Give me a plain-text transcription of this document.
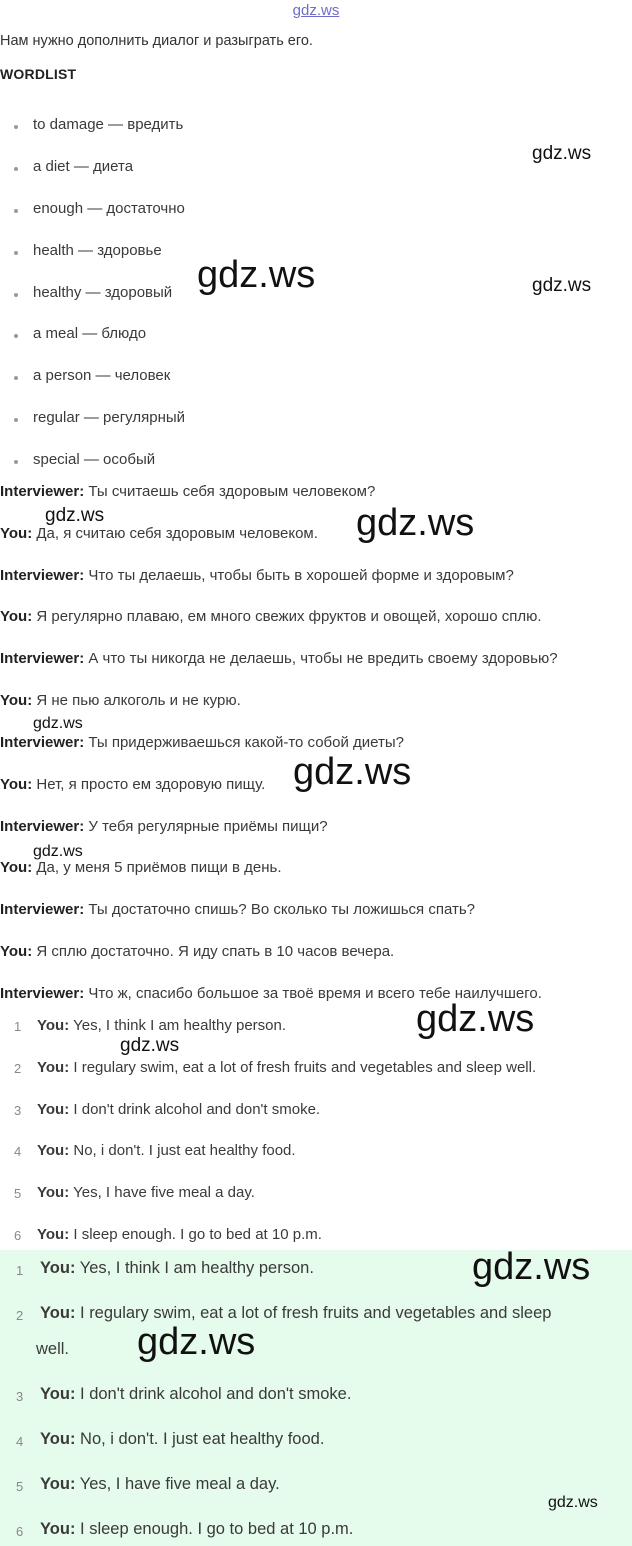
gdz.ws
Нам нужно дополнить диалог и разыграть его.
WORDLIST
to damage — вредить
a diet — диета
enough — достаточно
health — здоровье
healthy — здоровый
a meal — блюдо
a person — человек
regular — регулярный
special — особый
Interviewer: Ты считаешь себя здоровым человеком?
You: Да, я считаю себя здоровым человеком.
Interviewer: Что ты делаешь, чтобы быть в хорошей форме и здоровым?
You: Я регулярно плаваю, ем много свежих фруктов и овощей, хорошо сплю.
Interviewer: А что ты никогда не делаешь, чтобы не вредить своему здоровью?
You: Я не пью алкоголь и не курю.
Interviewer: Ты придерживаешься какой-то собой диеты?
You: Нет, я просто ем здоровую пищу.
Interviewer: У тебя регулярные приёмы пищи?
You: Да, у меня 5 приёмов пищи в день.
Interviewer: Ты достаточно спишь? Во сколько ты ложишься спать?
You: Я сплю достаточно. Я иду спать в 10 часов вечера.
Interviewer: Что ж, спасибо большое за твоё время и всего тебе наилучшего.
1 You: Yes, I think I am healthy person.
2 You: I regulary swim, eat a lot of fresh fruits and vegetables and sleep well.
3 You: I don't drink alcohol and don't smoke.
4 You: No, i don't. I just eat healthy food.
5 You: Yes, I have five meal a day.
6 You: I sleep enough. I go to bed at 10 p.m.
1 You: Yes, I think I am healthy person.
2 You: I regulary swim, eat a lot of fresh fruits and vegetables and sleep
well.
3 You: I don't drink alcohol and don't smoke.
4 You: No, i don't. I just eat healthy food.
5 You: Yes, I have five meal a day.
6 You: I sleep enough. I go to bed at 10 p.m.
gdz.ws
gdz.ws	gdz.ws
gdz.ws	gdz.ws
gdz.ws
gdz.ws
gdz.ws
gdz.ws
gdz.ws
gdz.ws
gdz.ws
gdz.ws
